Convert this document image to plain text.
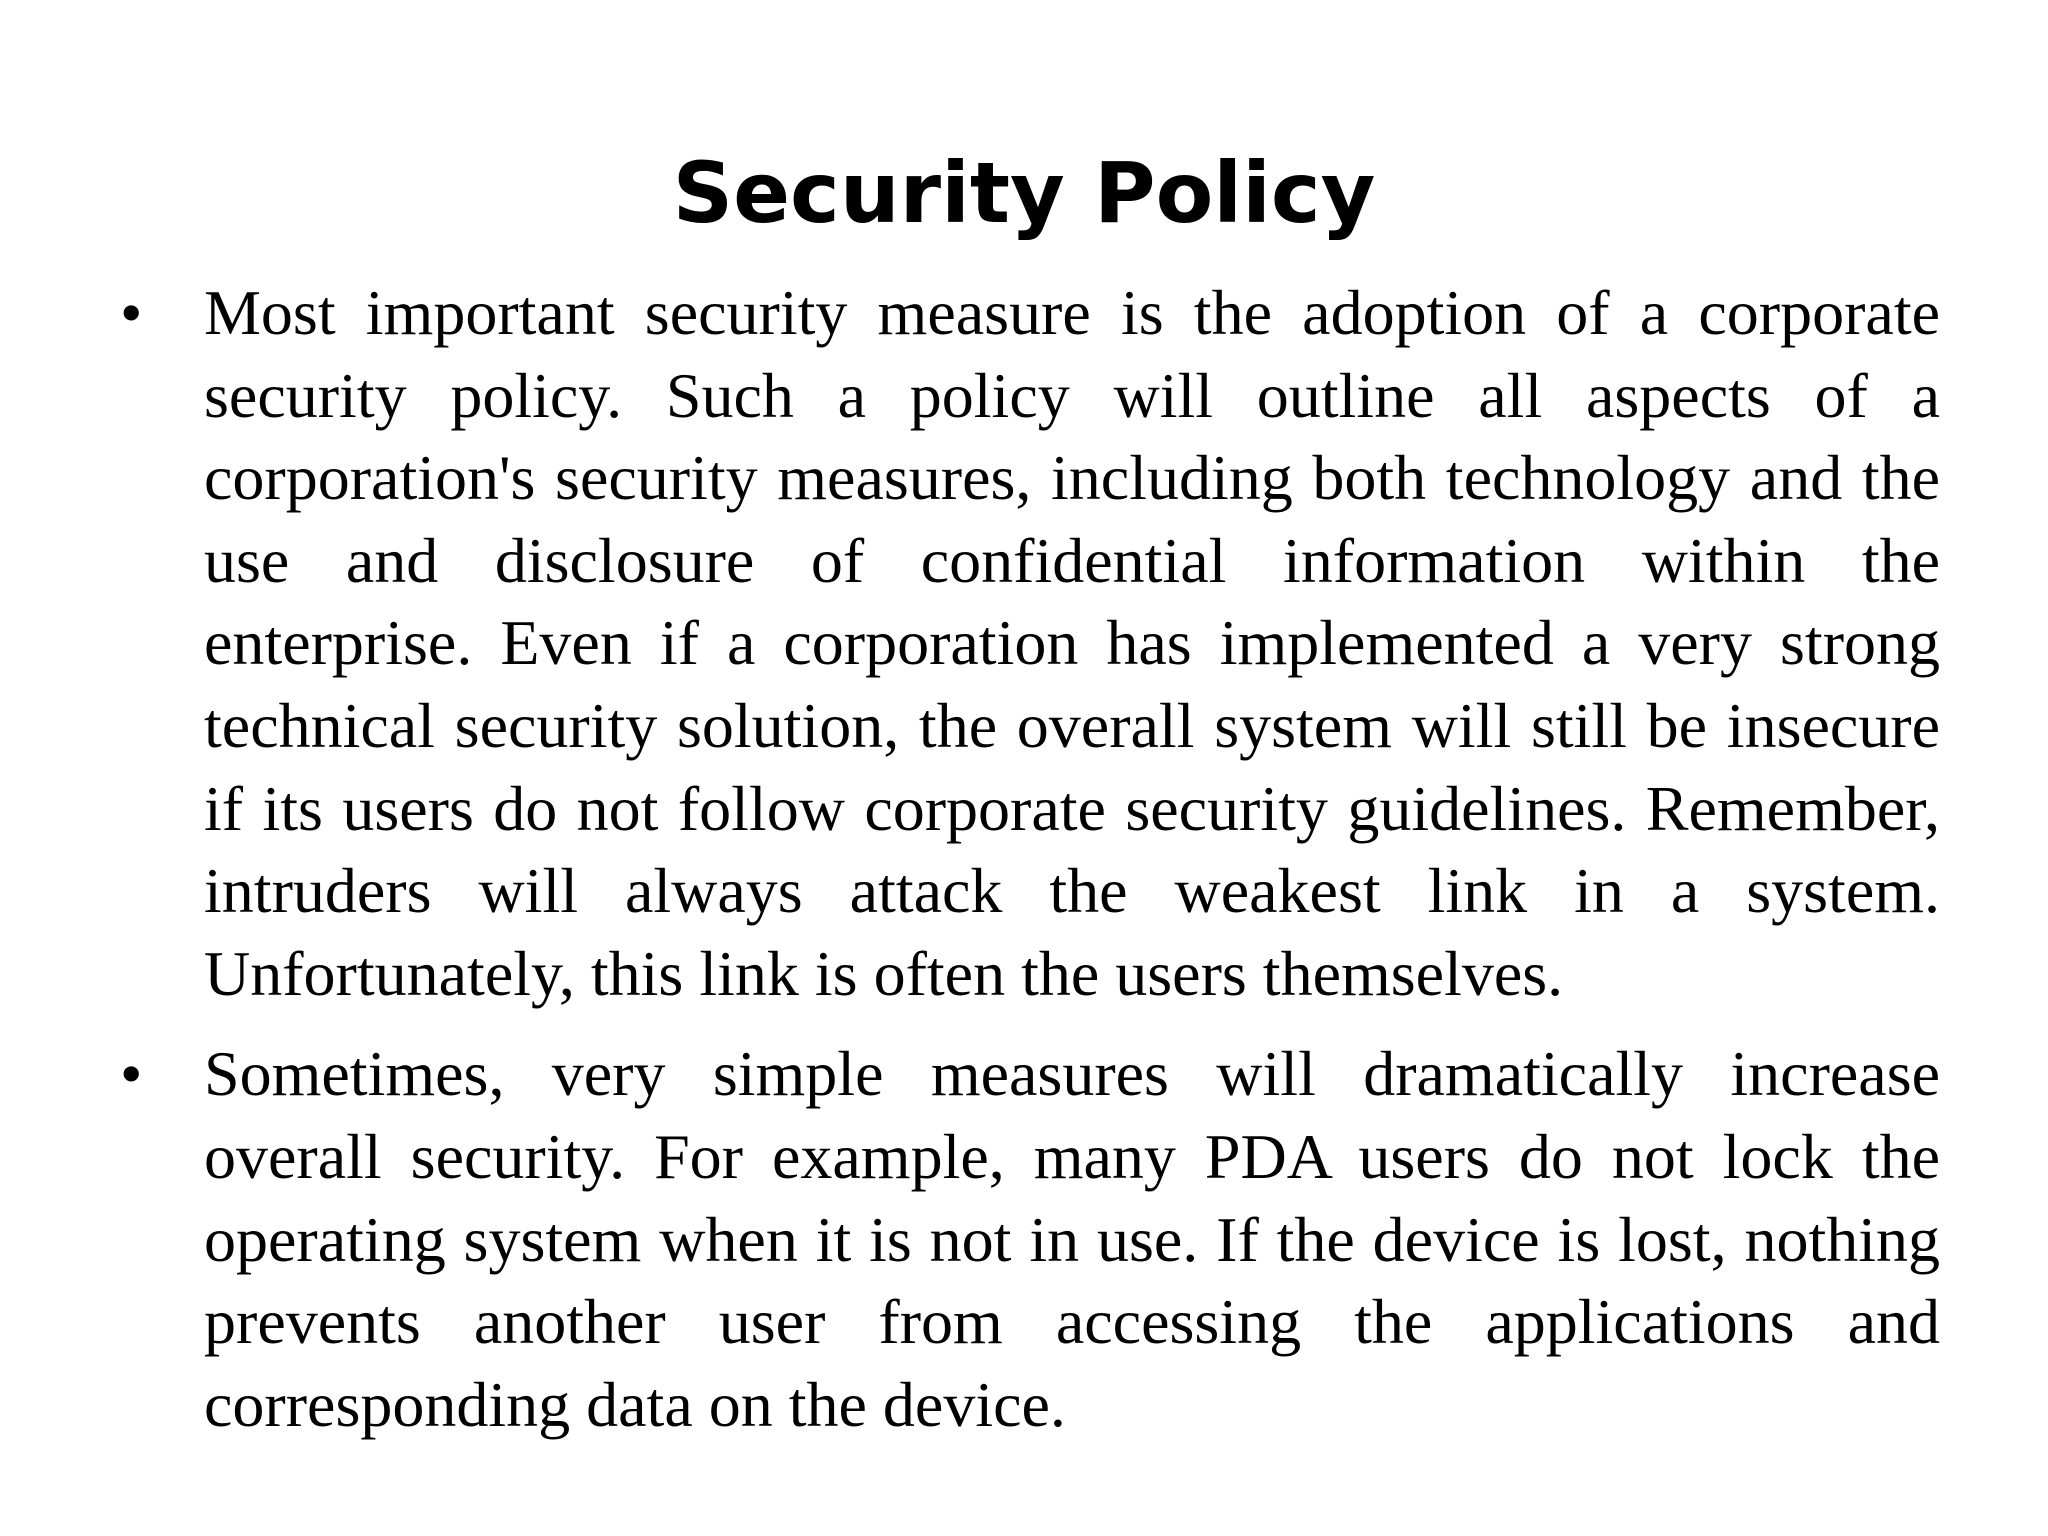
Security Policy
• Most important security measure is the adoption of a corporate security policy. Such a policy will outline all aspects of a corporation's security measures, including both technology and the use and disclosure of confidential information within the enterprise. Even if a corporation has implemented a very strong technical security solution, the overall system will still be insecure if its users do not follow corporate security guidelines. Remember, intruders will always attack the weakest link in a system. Unfortunately, this link is often the users themselves.
• Sometimes, very simple measures will dramatically increase overall security. For example, many PDA users do not lock the operating system when it is not in use. If the device is lost, nothing prevents another user from accessing the applications and corresponding data on the device.
